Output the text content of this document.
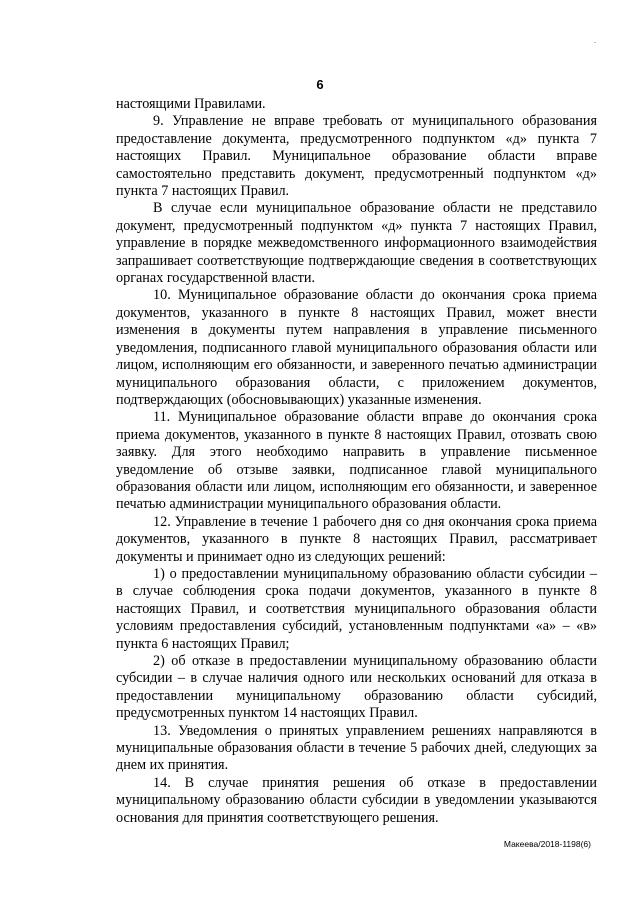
6

настоящими Правилами.

9. Управление не вправе требовать от муниципального образования предоставление документа, предусмотренного подпунктом «д» пункта 7 настоящих Правил. Муниципальное образование области вправе самостоятельно представить документ, предусмотренный подпунктом «д» пункта 7 настоящих Правил.

В случае если муниципальное образование области не представило документ, предусмотренный подпунктом «д» пункта 7 настоящих Правил, управление в порядке межведомственного информационного взаимодействия запрашивает соответствующие подтверждающие сведения в соответствующих органах государственной власти.

10. Муниципальное образование области до окончания срока приема документов, указанного в пункте 8 настоящих Правил, может внести изменения в документы путем направления в управление письменного уведомления, подписанного главой муниципального образования области или лицом, исполняющим его обязанности, и заверенного печатью администрации муниципального образования области, с приложением документов, подтверждающих (обосновывающих) указанные изменения.

11. Муниципальное образование области вправе до окончания срока приема документов, указанного в пункте 8 настоящих Правил, отозвать свою заявку. Для этого необходимо направить в управление письменное уведомление об отзыве заявки, подписанное главой муниципального образования области или лицом, исполняющим его обязанности, и заверенное печатью администрации муниципального образования области.

12. Управление в течение 1 рабочего дня со дня окончания срока приема документов, указанного в пункте 8 настоящих Правил, рассматривает документы и принимает одно из следующих решений:

1) о предоставлении муниципальному образованию области субсидии – в случае соблюдения срока подачи документов, указанного в пункте 8 настоящих Правил, и соответствия муниципального образования области условиям предоставления субсидий, установленным подпунктами «а» – «в» пункта 6 настоящих Правил;

2) об отказе в предоставлении муниципальному образованию области субсидии – в случае наличия одного или нескольких оснований для отказа в предоставлении муниципальному образованию области субсидий, предусмотренных пунктом 14 настоящих Правил.

13. Уведомления о принятых управлением решениях направляются в муниципальные образования области в течение 5 рабочих дней, следующих за днем их принятия.

14. В случае принятия решения об отказе в предоставлении муниципальному образованию области субсидии в уведомлении указываются основания для принятия соответствующего решения.

Макеева/2018-1198(6)
